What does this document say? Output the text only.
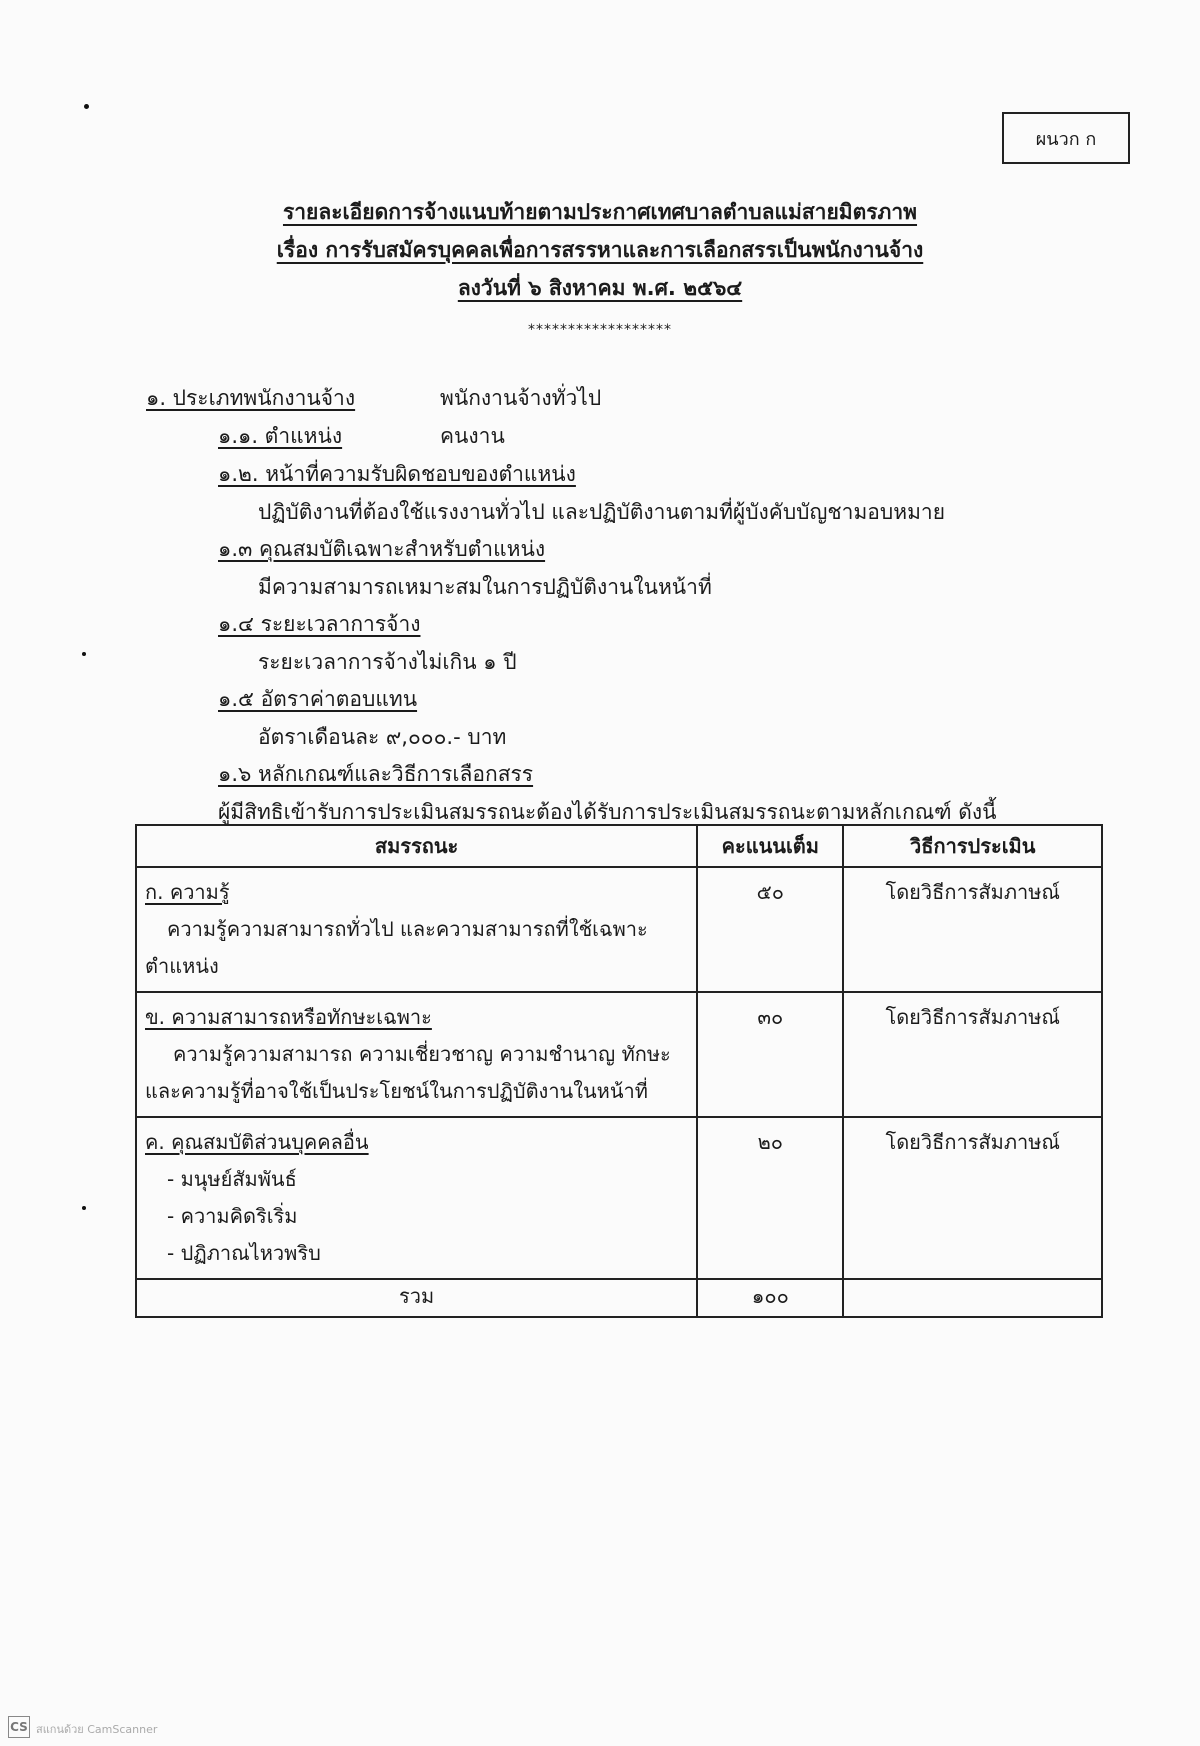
ผนวก ก
รายละเอียดการจ้างแนบท้ายตามประกาศเทศบาลตำบลแม่สายมิตรภาพ
เรื่อง การรับสมัครบุคคลเพื่อการสรรหาและการเลือกสรรเป็นพนักงานจ้าง
ลงวันที่ ๖ สิงหาคม พ.ศ. ๒๕๖๔
******************
๑. ประเภทพนักงานจ้าง	พนักงานจ้างทั่วไป
๑.๑. ตำแหน่ง	คนงาน
๑.๒. หน้าที่ความรับผิดชอบของตำแหน่ง
ปฏิบัติงานที่ต้องใช้แรงงานทั่วไป และปฏิบัติงานตามที่ผู้บังคับบัญชามอบหมาย
๑.๓ คุณสมบัติเฉพาะสำหรับตำแหน่ง
มีความสามารถเหมาะสมในการปฏิบัติงานในหน้าที่
๑.๔ ระยะเวลาการจ้าง
ระยะเวลาการจ้างไม่เกิน ๑ ปี
๑.๕ อัตราค่าตอบแทน
อัตราเดือนละ ๙,๐๐๐.- บาท
๑.๖ หลักเกณฑ์และวิธีการเลือกสรร
ผู้มีสิทธิเข้ารับการประเมินสมรรถนะต้องได้รับการประเมินสมรรถนะตามหลักเกณฑ์ ดังนี้
สมรรถนะ	คะแนนเต็ม	วิธีการประเมิน

ก. ความรู้
ความรู้ความสามารถทั่วไป และความสามารถที่ใช้เฉพาะ
ตำแหน่ง	๕๐	โดยวิธีการสัมภาษณ์

ข. ความสามารถหรือทักษะเฉพาะ
ความรู้ความสามารถ ความเชี่ยวชาญ ความชำนาญ ทักษะ
และความรู้ที่อาจใช้เป็นประโยชน์ในการปฏิบัติงานในหน้าที่	๓๐	โดยวิธีการสัมภาษณ์

ค. คุณสมบัติส่วนบุคคลอื่น
- มนุษย์สัมพันธ์
- ความคิดริเริ่ม
- ปฏิภาณไหวพริบ	๒๐	โดยวิธีการสัมภาษณ์

รวม	๑๐๐	
CS สแกนด้วย CamScanner
